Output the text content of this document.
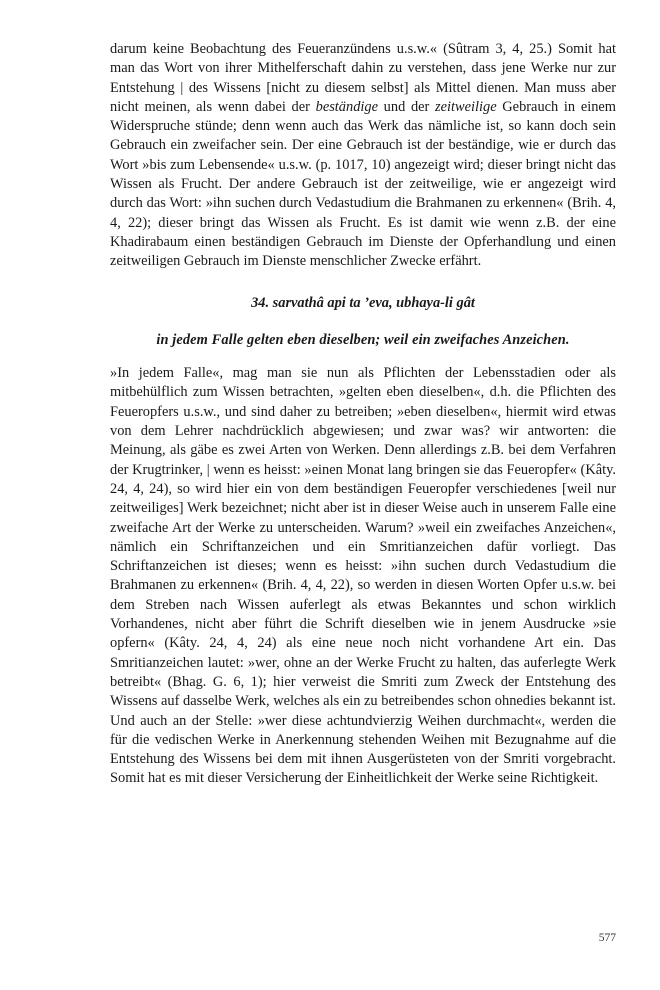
darum keine Beobachtung des Feueranzündens u.s.w.« (Sûtram 3, 4, 25.) Somit hat man das Wort von ihrer Mithelferschaft dahin zu verstehen, dass jene Werke nur zur Entstehung | des Wissens [nicht zu diesem selbst] als Mittel dienen. Man muss aber nicht meinen, als wenn dabei der beständige und der zeitweilige Gebrauch in einem Widerspruche stünde; denn wenn auch das Werk das nämliche ist, so kann doch sein Gebrauch ein zweifacher sein. Der eine Gebrauch ist der beständige, wie er durch das Wort »bis zum Lebensende« u.s.w. (p. 1017, 10) angezeigt wird; dieser bringt nicht das Wissen als Frucht. Der andere Gebrauch ist der zeitweilige, wie er angezeigt wird durch das Wort: »ihn suchen durch Vedastudium die Brahmanen zu erkennen« (Brih. 4, 4, 22); dieser bringt das Wissen als Frucht. Es ist damit wie wenn z.B. der eine Khadirabaum einen beständigen Gebrauch im Dienste der Opferhandlung und einen zeitweiligen Gebrauch im Dienste menschlicher Zwecke erfährt.

34. sarvathâ api ta ’eva, ubhaya-li gât

in jedem Falle gelten eben dieselben; weil ein zweifaches Anzeichen.

»In jedem Falle«, mag man sie nun als Pflichten der Lebensstadien oder als mitbehülflich zum Wissen betrachten, »gelten eben dieselben«, d.h. die Pflichten des Feueropfers u.s.w., und sind daher zu betreiben; »eben dieselben«, hiermit wird etwas von dem Lehrer nachdrücklich abgewiesen; und zwar was? wir antworten: die Meinung, als gäbe es zwei Arten von Werken. Denn allerdings z.B. bei dem Verfahren der Krugtrinker, | wenn es heisst: »einen Monat lang bringen sie das Feueropfer« (Kâty. 24, 4, 24), so wird hier ein von dem beständigen Feueropfer verschiedenes [weil nur zeitweiliges] Werk bezeichnet; nicht aber ist in dieser Weise auch in unserem Falle eine zweifache Art der Werke zu unterscheiden. Warum? »weil ein zweifaches Anzeichen«, nämlich ein Schriftanzeichen und ein Smritianzeichen dafür vorliegt. Das Schriftanzeichen ist dieses; wenn es heisst: »ihn suchen durch Vedastudium die Brahmanen zu erkennen« (Brih. 4, 4, 22), so werden in diesen Worten Opfer u.s.w. bei dem Streben nach Wissen auferlegt als etwas Bekanntes und schon wirklich Vorhandenes, nicht aber führt die Schrift dieselben wie in jenem Ausdrucke »sie opfern« (Kâty. 24, 4, 24) als eine neue noch nicht vorhandene Art ein. Das Smritianzeichen lautet: »wer, ohne an der Werke Frucht zu halten, das auferlegte Werk betreibt« (Bhag. G. 6, 1); hier verweist die Smriti zum Zweck der Entstehung des Wissens auf dasselbe Werk, welches als ein zu betreibendes schon ohnedies bekannt ist. Und auch an der Stelle: »wer diese achtundvierzig Weihen durchmacht«, werden die für die vedischen Werke in Anerkennung stehenden Weihen mit Bezugnahme auf die Entstehung des Wissens bei dem mit ihnen Ausgerüsteten von der Smriti vorgebracht. Somit hat es mit dieser Versicherung der Einheitlichkeit der Werke seine Richtigkeit.

577
